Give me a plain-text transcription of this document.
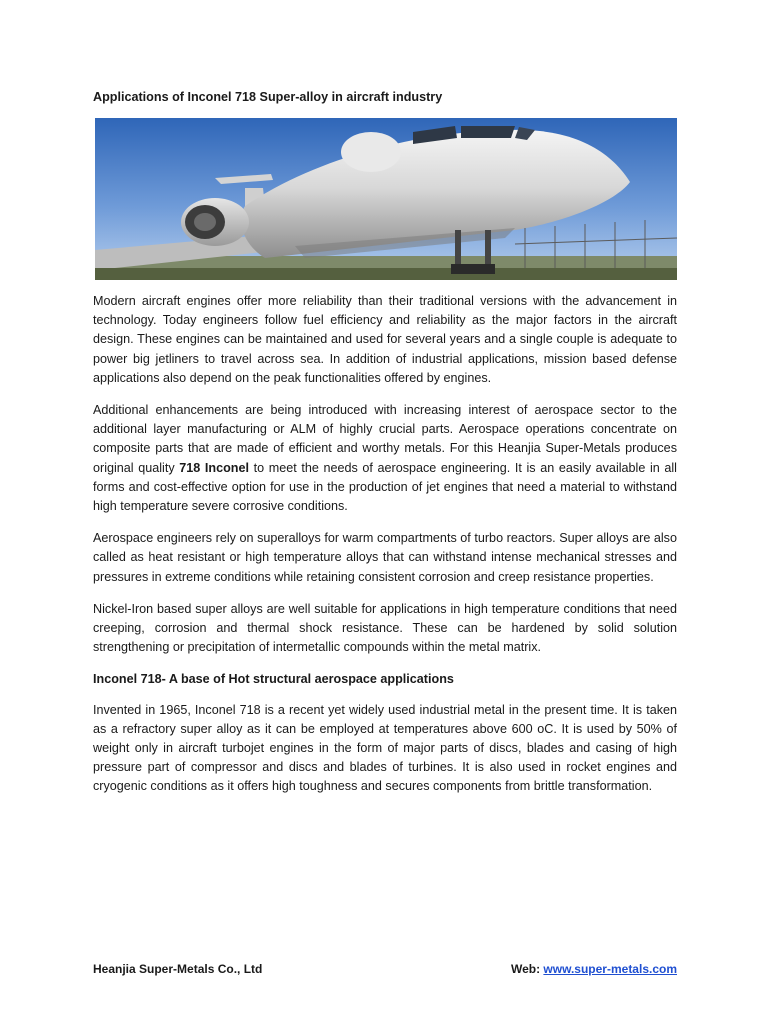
Applications of Inconel 718 Super-alloy in aircraft industry

Modern aircraft engines offer more reliability than their traditional versions with the advancement in technology. Today engineers follow fuel efficiency and reliability as the major factors in the aircraft design. These engines can be maintained and used for several years and a single couple is adequate to power big jetliners to travel across sea. In addition of industrial applications, mission based defense applications also depend on the peak functionalities offered by engines.

Additional enhancements are being introduced with increasing interest of aerospace sector to the additional layer manufacturing or ALM of highly crucial parts. Aerospace operations concentrate on composite parts that are made of efficient and worthy metals. For this Heanjia Super-Metals produces original quality 718 Inconel to meet the needs of aerospace engineering. It is an easily available in all forms and cost-effective option for use in the production of jet engines that need a material to withstand high temperature severe corrosive conditions.

Aerospace engineers rely on superalloys for warm compartments of turbo reactors. Super alloys are also called as heat resistant or high temperature alloys that can withstand intense mechanical stresses and pressures in extreme conditions while retaining consistent corrosion and creep resistance properties.

Nickel-Iron based super alloys are well suitable for applications in high temperature conditions that need creeping, corrosion and thermal shock resistance. These can be hardened by solid solution strengthening or precipitation of intermetallic compounds within the metal matrix.

Inconel 718- A base of Hot structural aerospace applications

Invented in 1965, Inconel 718 is a recent yet widely used industrial metal in the present time. It is taken as a refractory super alloy as it can be employed at temperatures above 600 oC. It is used by 50% of weight only in aircraft turbojet engines in the form of major parts of discs, blades and casing of high pressure part of compressor and discs and blades of turbines. It is also used in rocket engines and cryogenic conditions as it offers high toughness and secures components from brittle transformation.

Heanjia Super-Metals Co., Ltd	Web: www.super-metals.com
